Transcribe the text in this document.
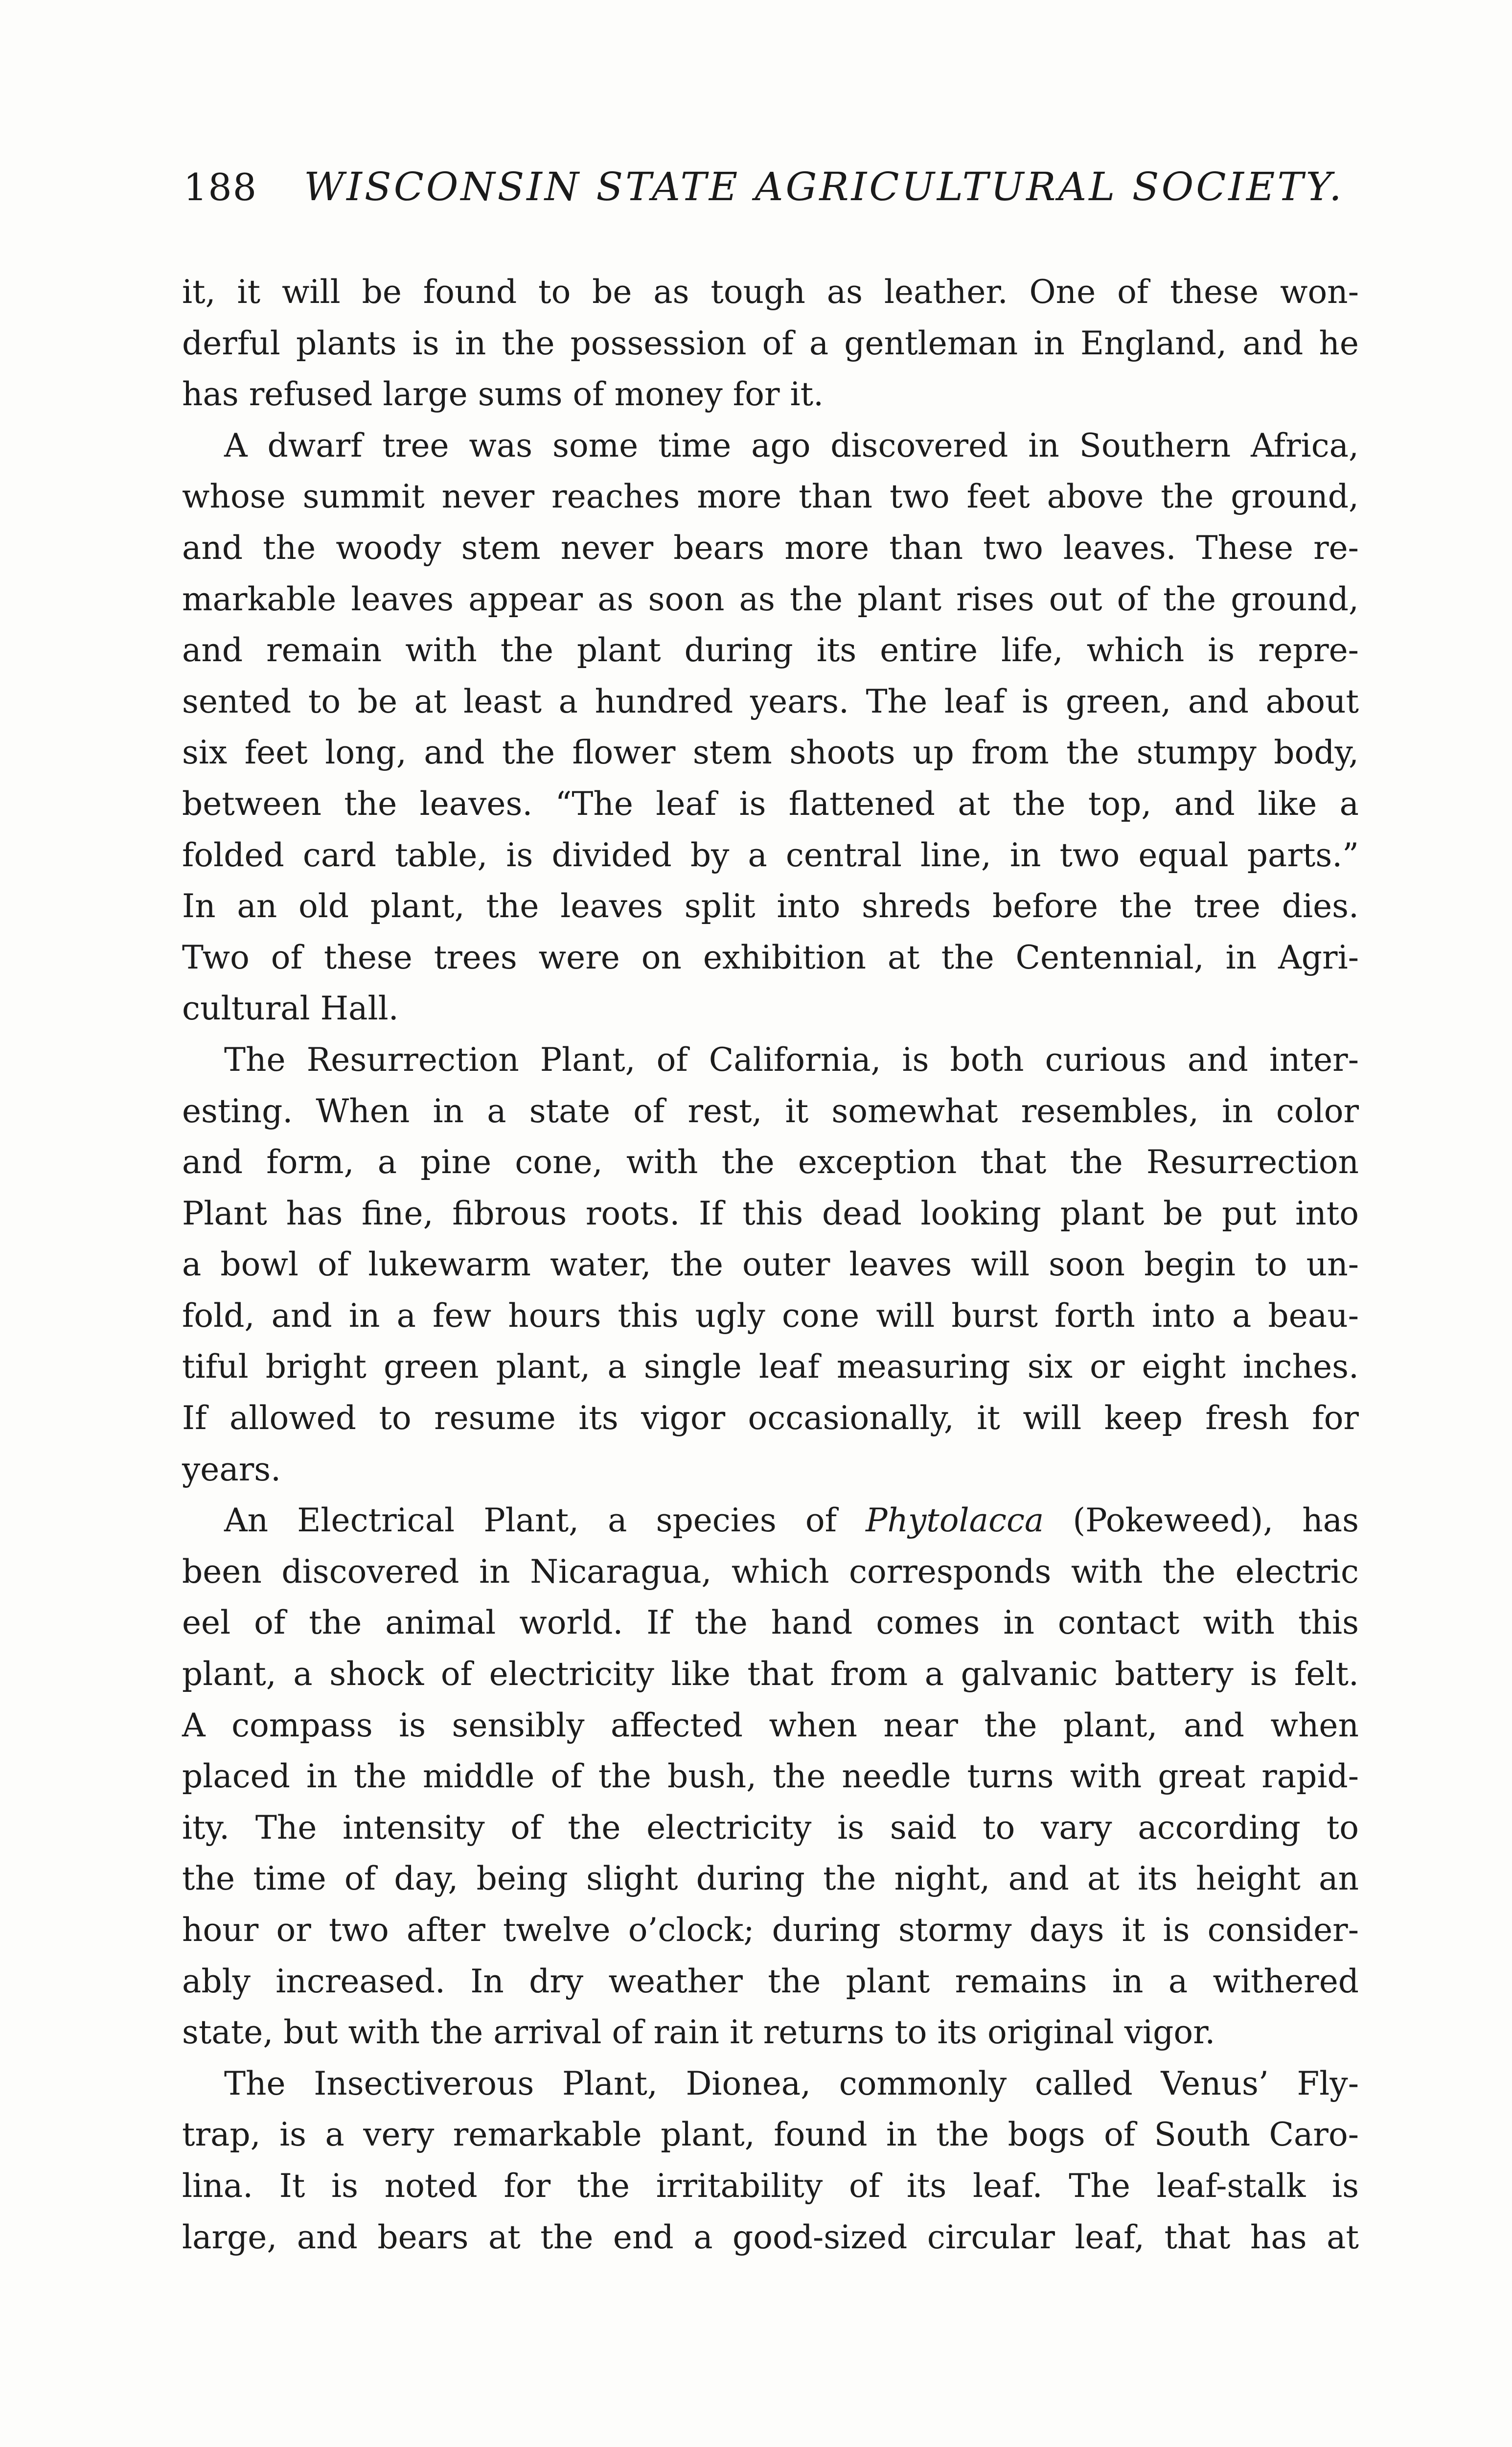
188 WISCONSIN STATE AGRICULTURAL SOCIETY.
it, it will be found to be as tough as leather. One of these won-
derful plants is in the possession of a gentleman in England, and he
has refused large sums of money for it.
A dwarf tree was some time ago discovered in Southern Africa,
whose summit never reaches more than two feet above the ground,
and the woody stem never bears more than two leaves. These re-
markable leaves appear as soon as the plant rises out of the ground,
and remain with the plant during its entire life, which is repre-
sented to be at least a hundred years. The leaf is green, and about
six feet long, and the flower stem shoots up from the stumpy body,
between the leaves. “The leaf is flattened at the top, and like a
folded card table, is divided by a central line, in two equal parts.”
In an old plant, the leaves split into shreds before the tree dies.
Two of these trees were on exhibition at the Centennial, in Agri-
cultural Hall.
The Resurrection Plant, of California, is both curious and inter-
esting. When in a state of rest, it somewhat resembles, in color
and form, a pine cone, with the exception that the Resurrection
Plant has fine, fibrous roots. If this dead looking plant be put into
a bowl of lukewarm water, the outer leaves will soon begin to un-
fold, and in a few hours this ugly cone will burst forth into a beau-
tiful bright green plant, a single leaf measuring six or eight inches.
If allowed to resume its vigor occasionally, it will keep fresh for
years.
An Electrical Plant, a species of Phytolacca (Pokeweed), has
been discovered in Nicaragua, which corresponds with the electric
eel of the animal world. If the hand comes in contact with this
plant, a shock of electricity like that from a galvanic battery is felt.
A compass is sensibly affected when near the plant, and when
placed in the middle of the bush, the needle turns with great rapid-
ity. The intensity of the electricity is said to vary according to
the time of day, being slight during the night, and at its height an
hour or two after twelve o’clock; during stormy days it is consider-
ably increased. In dry weather the plant remains in a withered
state, but with the arrival of rain it returns to its original vigor.
The Insectiverous Plant, Dionea, commonly called Venus’ Fly-
trap, is a very remarkable plant, found in the bogs of South Caro-
lina. It is noted for the irritability of its leaf. The leaf-stalk is
large, and bears at the end a good-sized circular leaf, that has at
